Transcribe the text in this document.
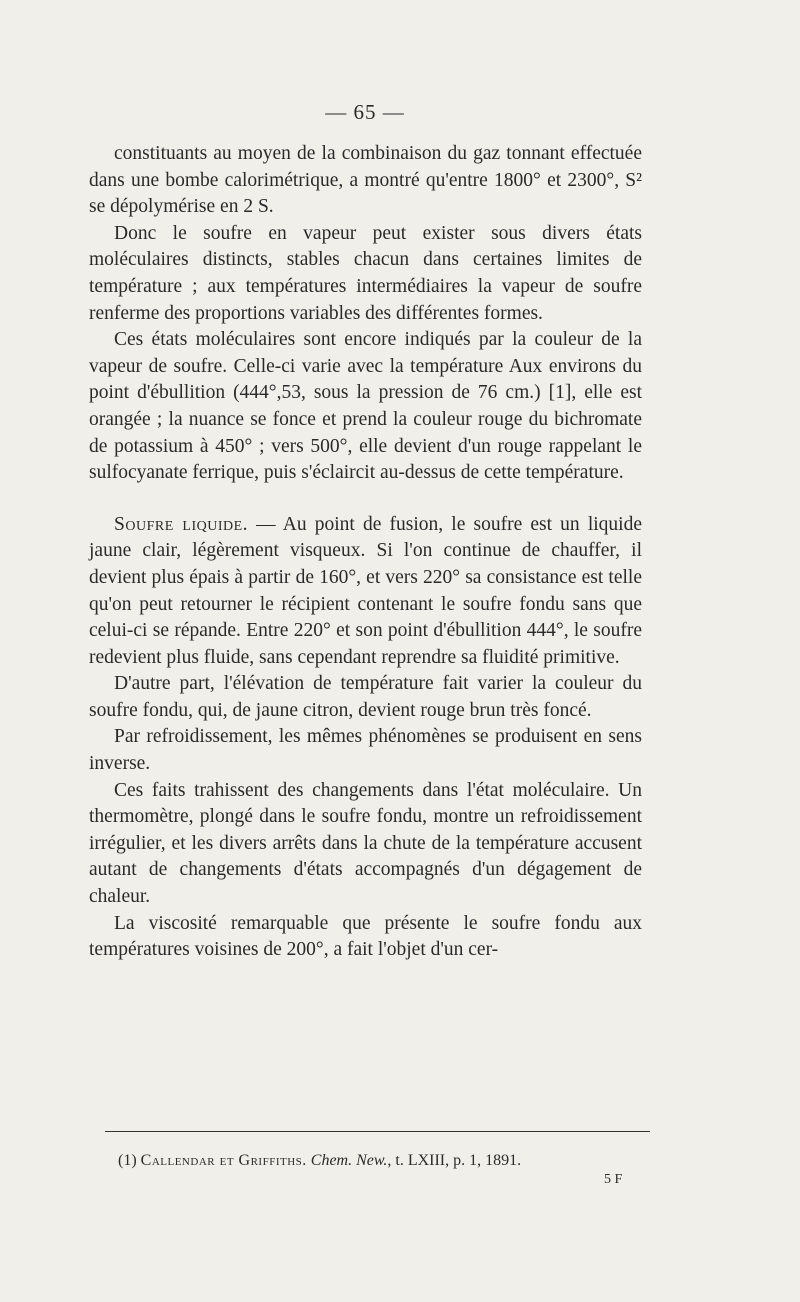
— 65 —

constituants au moyen de la combinaison du gaz tonnant effectuée dans une bombe calorimétrique, a montré qu'entre 1800° et 2300°, S² se dépolymérise en 2 S.

Donc le soufre en vapeur peut exister sous divers états moléculaires distincts, stables chacun dans certaines limites de température ; aux températures intermédiaires la vapeur de soufre renferme des proportions variables des différentes formes.

Ces états moléculaires sont encore indiqués par la couleur de la vapeur de soufre. Celle-ci varie avec la température Aux environs du point d'ébullition (444°,53, sous la pression de 76 cm.) [1], elle est orangée ; la nuance se fonce et prend la couleur rouge du bichromate de potassium à 450° ; vers 500°, elle devient d'un rouge rappelant le sulfocyanate ferrique, puis s'éclaircit au-dessus de cette température.

Soufre liquide. — Au point de fusion, le soufre est un liquide jaune clair, légèrement visqueux. Si l'on continue de chauffer, il devient plus épais à partir de 160°, et vers 220° sa consistance est telle qu'on peut retourner le récipient contenant le soufre fondu sans que celui-ci se répande. Entre 220° et son point d'ébullition 444°, le soufre redevient plus fluide, sans cependant reprendre sa fluidité primitive.

D'autre part, l'élévation de température fait varier la couleur du soufre fondu, qui, de jaune citron, devient rouge brun très foncé.

Par refroidissement, les mêmes phénomènes se produisent en sens inverse.

Ces faits trahissent des changements dans l'état moléculaire. Un thermomètre, plongé dans le soufre fondu, montre un refroidissement irrégulier, et les divers arrêts dans la chute de la température accusent autant de changements d'états accompagnés d'un dégagement de chaleur.

La viscosité remarquable que présente le soufre fondu aux températures voisines de 200°, a fait l'objet d'un cer-

(1) Callendar et Griffiths. Chem. New., t. LXIII, p. 1, 1891.
5 F
